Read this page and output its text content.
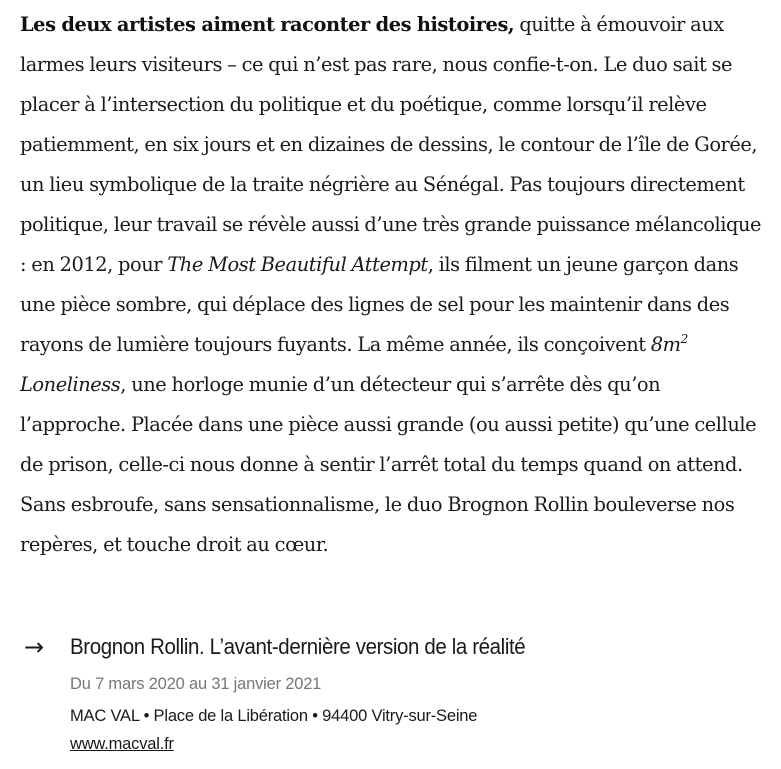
Les deux artistes aiment raconter des histoires, quitte à émouvoir aux larmes leurs visiteurs – ce qui n’est pas rare, nous confie-t-on. Le duo sait se placer à l’intersection du politique et du poétique, comme lorsqu’il relève patiemment, en six jours et en dizaines de dessins, le contour de l’île de Gorée, un lieu symbolique de la traite négrière au Sénégal. Pas toujours directement politique, leur travail se révèle aussi d’une très grande puissance mélancolique : en 2012, pour The Most Beautiful Attempt, ils filment un jeune garçon dans une pièce sombre, qui déplace des lignes de sel pour les maintenir dans des rayons de lumière toujours fuyants. La même année, ils conçoivent $8m^2$ Loneliness, une horloge munie d’un détecteur qui s’arrête dès qu’on l’approche. Placée dans une pièce aussi grande (ou aussi petite) qu’une cellule de prison, celle-ci nous donne à sentir l’arrêt total du temps quand on attend. Sans esbroufe, sans sensationnalisme, le duo Brognon Rollin bouleverse nos repères, et touche droit au cœur.

→	Brognon Rollin. L’avant-dernière version de la réalité
Du 7 mars 2020 au 31 janvier 2021
MAC VAL • Place de la Libération • 94400 Vitry-sur-Seine
www.macval.fr
